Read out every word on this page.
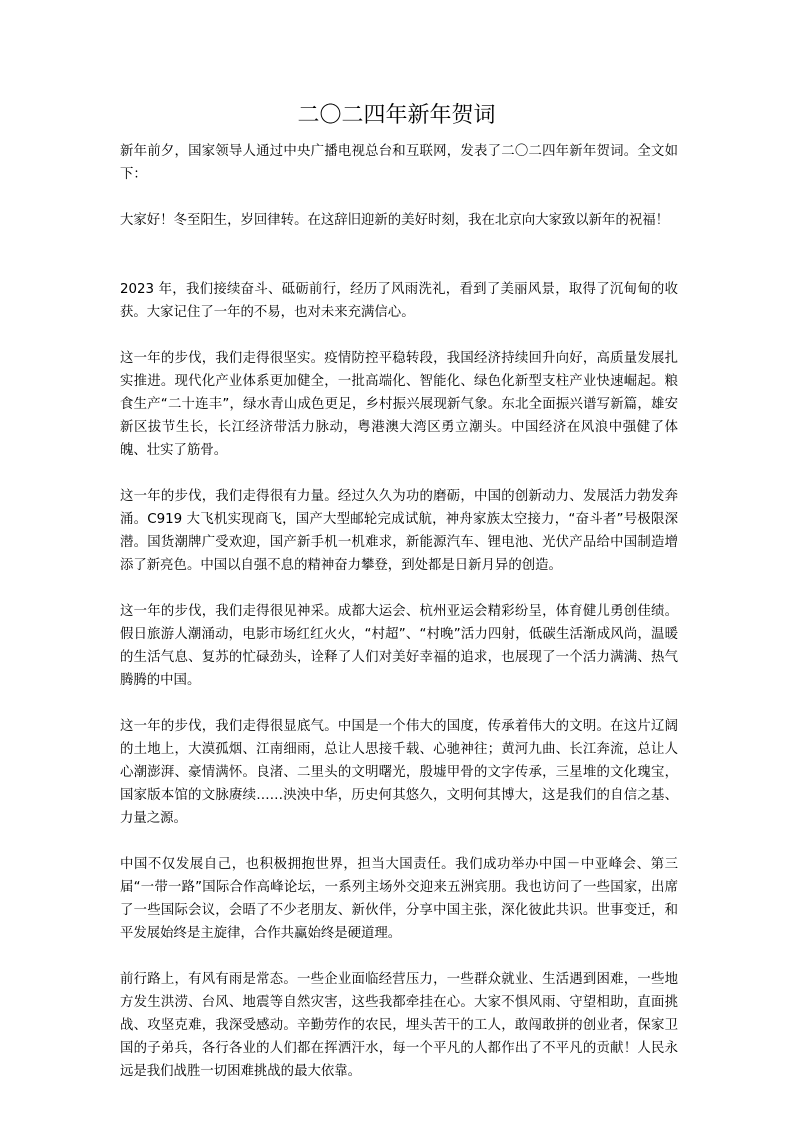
二〇二四年新年贺词

新年前夕，国家领导人通过中央广播电视总台和互联网，发表了二〇二四年新年贺词。全文如下：

大家好！冬至阳生，岁回律转。在这辞旧迎新的美好时刻，我在北京向大家致以新年的祝福！

2023 年，我们接续奋斗、砥砺前行，经历了风雨洗礼，看到了美丽风景，取得了沉甸甸的收获。大家记住了一年的不易，也对未来充满信心。

这一年的步伐，我们走得很坚实。疫情防控平稳转段，我国经济持续回升向好，高质量发展扎实推进。现代化产业体系更加健全，一批高端化、智能化、绿色化新型支柱产业快速崛起。粮食生产“二十连丰”，绿水青山成色更足，乡村振兴展现新气象。东北全面振兴谱写新篇，雄安新区拔节生长，长江经济带活力脉动，粤港澳大湾区勇立潮头。中国经济在风浪中强健了体魄、壮实了筋骨。

这一年的步伐，我们走得很有力量。经过久久为功的磨砺，中国的创新动力、发展活力勃发奔涌。C919 大飞机实现商飞，国产大型邮轮完成试航，神舟家族太空接力，“奋斗者”号极限深潜。国货潮牌广受欢迎，国产新手机一机难求，新能源汽车、锂电池、光伏产品给中国制造增添了新亮色。中国以自强不息的精神奋力攀登，到处都是日新月异的创造。

这一年的步伐，我们走得很见神采。成都大运会、杭州亚运会精彩纷呈，体育健儿勇创佳绩。假日旅游人潮涌动，电影市场红红火火，“村超”、“村晚”活力四射，低碳生活渐成风尚，温暖的生活气息、复苏的忙碌劲头，诠释了人们对美好幸福的追求，也展现了一个活力满满、热气腾腾的中国。

这一年的步伐，我们走得很显底气。中国是一个伟大的国度，传承着伟大的文明。在这片辽阔的土地上，大漠孤烟、江南细雨，总让人思接千载、心驰神往；黄河九曲、长江奔流，总让人心潮澎湃、豪情满怀。良渚、二里头的文明曙光，殷墟甲骨的文字传承，三星堆的文化瑰宝，国家版本馆的文脉赓续……泱泱中华，历史何其悠久，文明何其博大，这是我们的自信之基、力量之源。

中国不仅发展自己，也积极拥抱世界，担当大国责任。我们成功举办中国－中亚峰会、第三届“一带一路”国际合作高峰论坛，一系列主场外交迎来五洲宾朋。我也访问了一些国家，出席了一些国际会议，会晤了不少老朋友、新伙伴，分享中国主张，深化彼此共识。世事变迁，和平发展始终是主旋律，合作共赢始终是硬道理。

前行路上，有风有雨是常态。一些企业面临经营压力，一些群众就业、生活遇到困难，一些地方发生洪涝、台风、地震等自然灾害，这些我都牵挂在心。大家不惧风雨、守望相助，直面挑战、攻坚克难，我深受感动。辛勤劳作的农民，埋头苦干的工人，敢闯敢拼的创业者，保家卫国的子弟兵，各行各业的人们都在挥洒汗水，每一个平凡的人都作出了不平凡的贡献！人民永远是我们战胜一切困难挑战的最大依靠。
